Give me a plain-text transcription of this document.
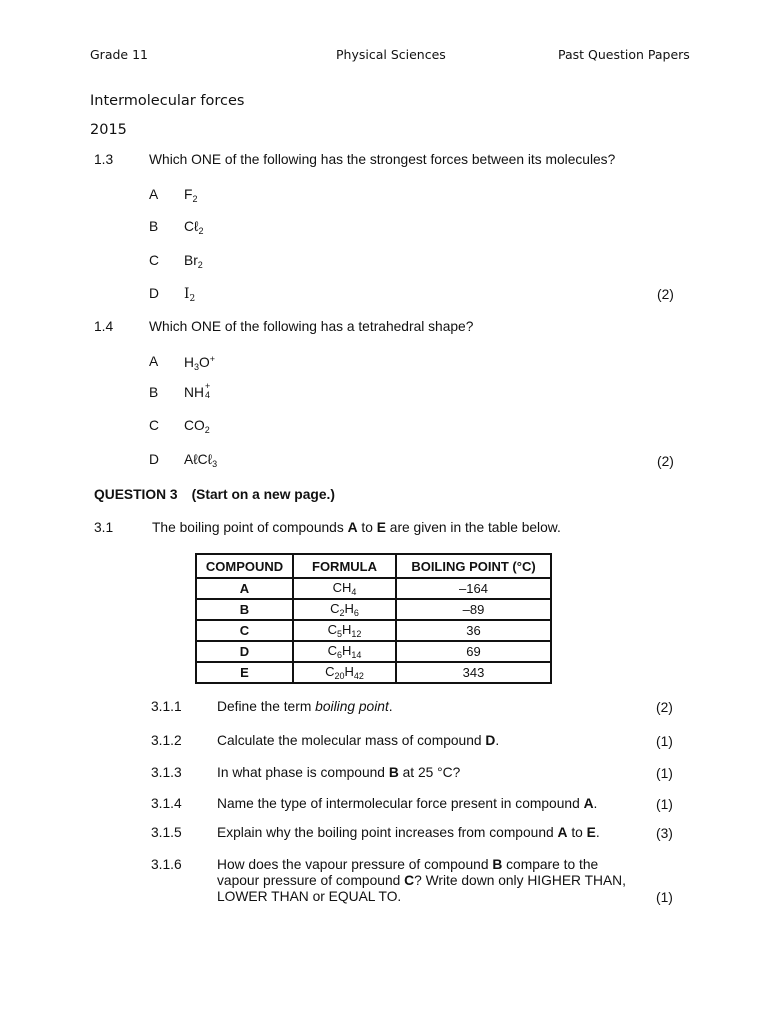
Grade 11	Physical Sciences	Past Question Papers
Intermolecular forces
2015
1.3	Which ONE of the following has the strongest forces between its molecules?
A $F_2$
B Cℓ$_2$
C $Br_2$
D $I_2$	(2)
1.4	Which ONE of the following has a tetrahedral shape?
A $H_3O^+$
B NH +
4
C $CO_2$
D AℓCℓ$_3$	(2)
QUESTION 3 (Start on a new page.)
3.1	The boiling point of compounds A to E are given in the table below.
COMPOUND	FORMULA	BOILING POINT (°C)
A	$CH_4$	–164
B	$C_2H_6$	–89
C	$C_5H_{12}$	36
D	$C_6H_{14}$	69
E	$C_{20}H_{42}$	343
3.1.1	Define the term boiling point.	(2)
3.1.2	Calculate the molecular mass of compound D.	(1)
3.1.3	In what phase is compound B at 25 °C?	(1)
3.1.4	Name the type of intermolecular force present in compound A.	(1)
3.1.5	Explain why the boiling point increases from compound A to E.	(3)
3.1.6	How does the vapour pressure of compound B compare to the vapour pressure of compound C? Write down only HIGHER THAN, LOWER THAN or EQUAL TO.	(1)
